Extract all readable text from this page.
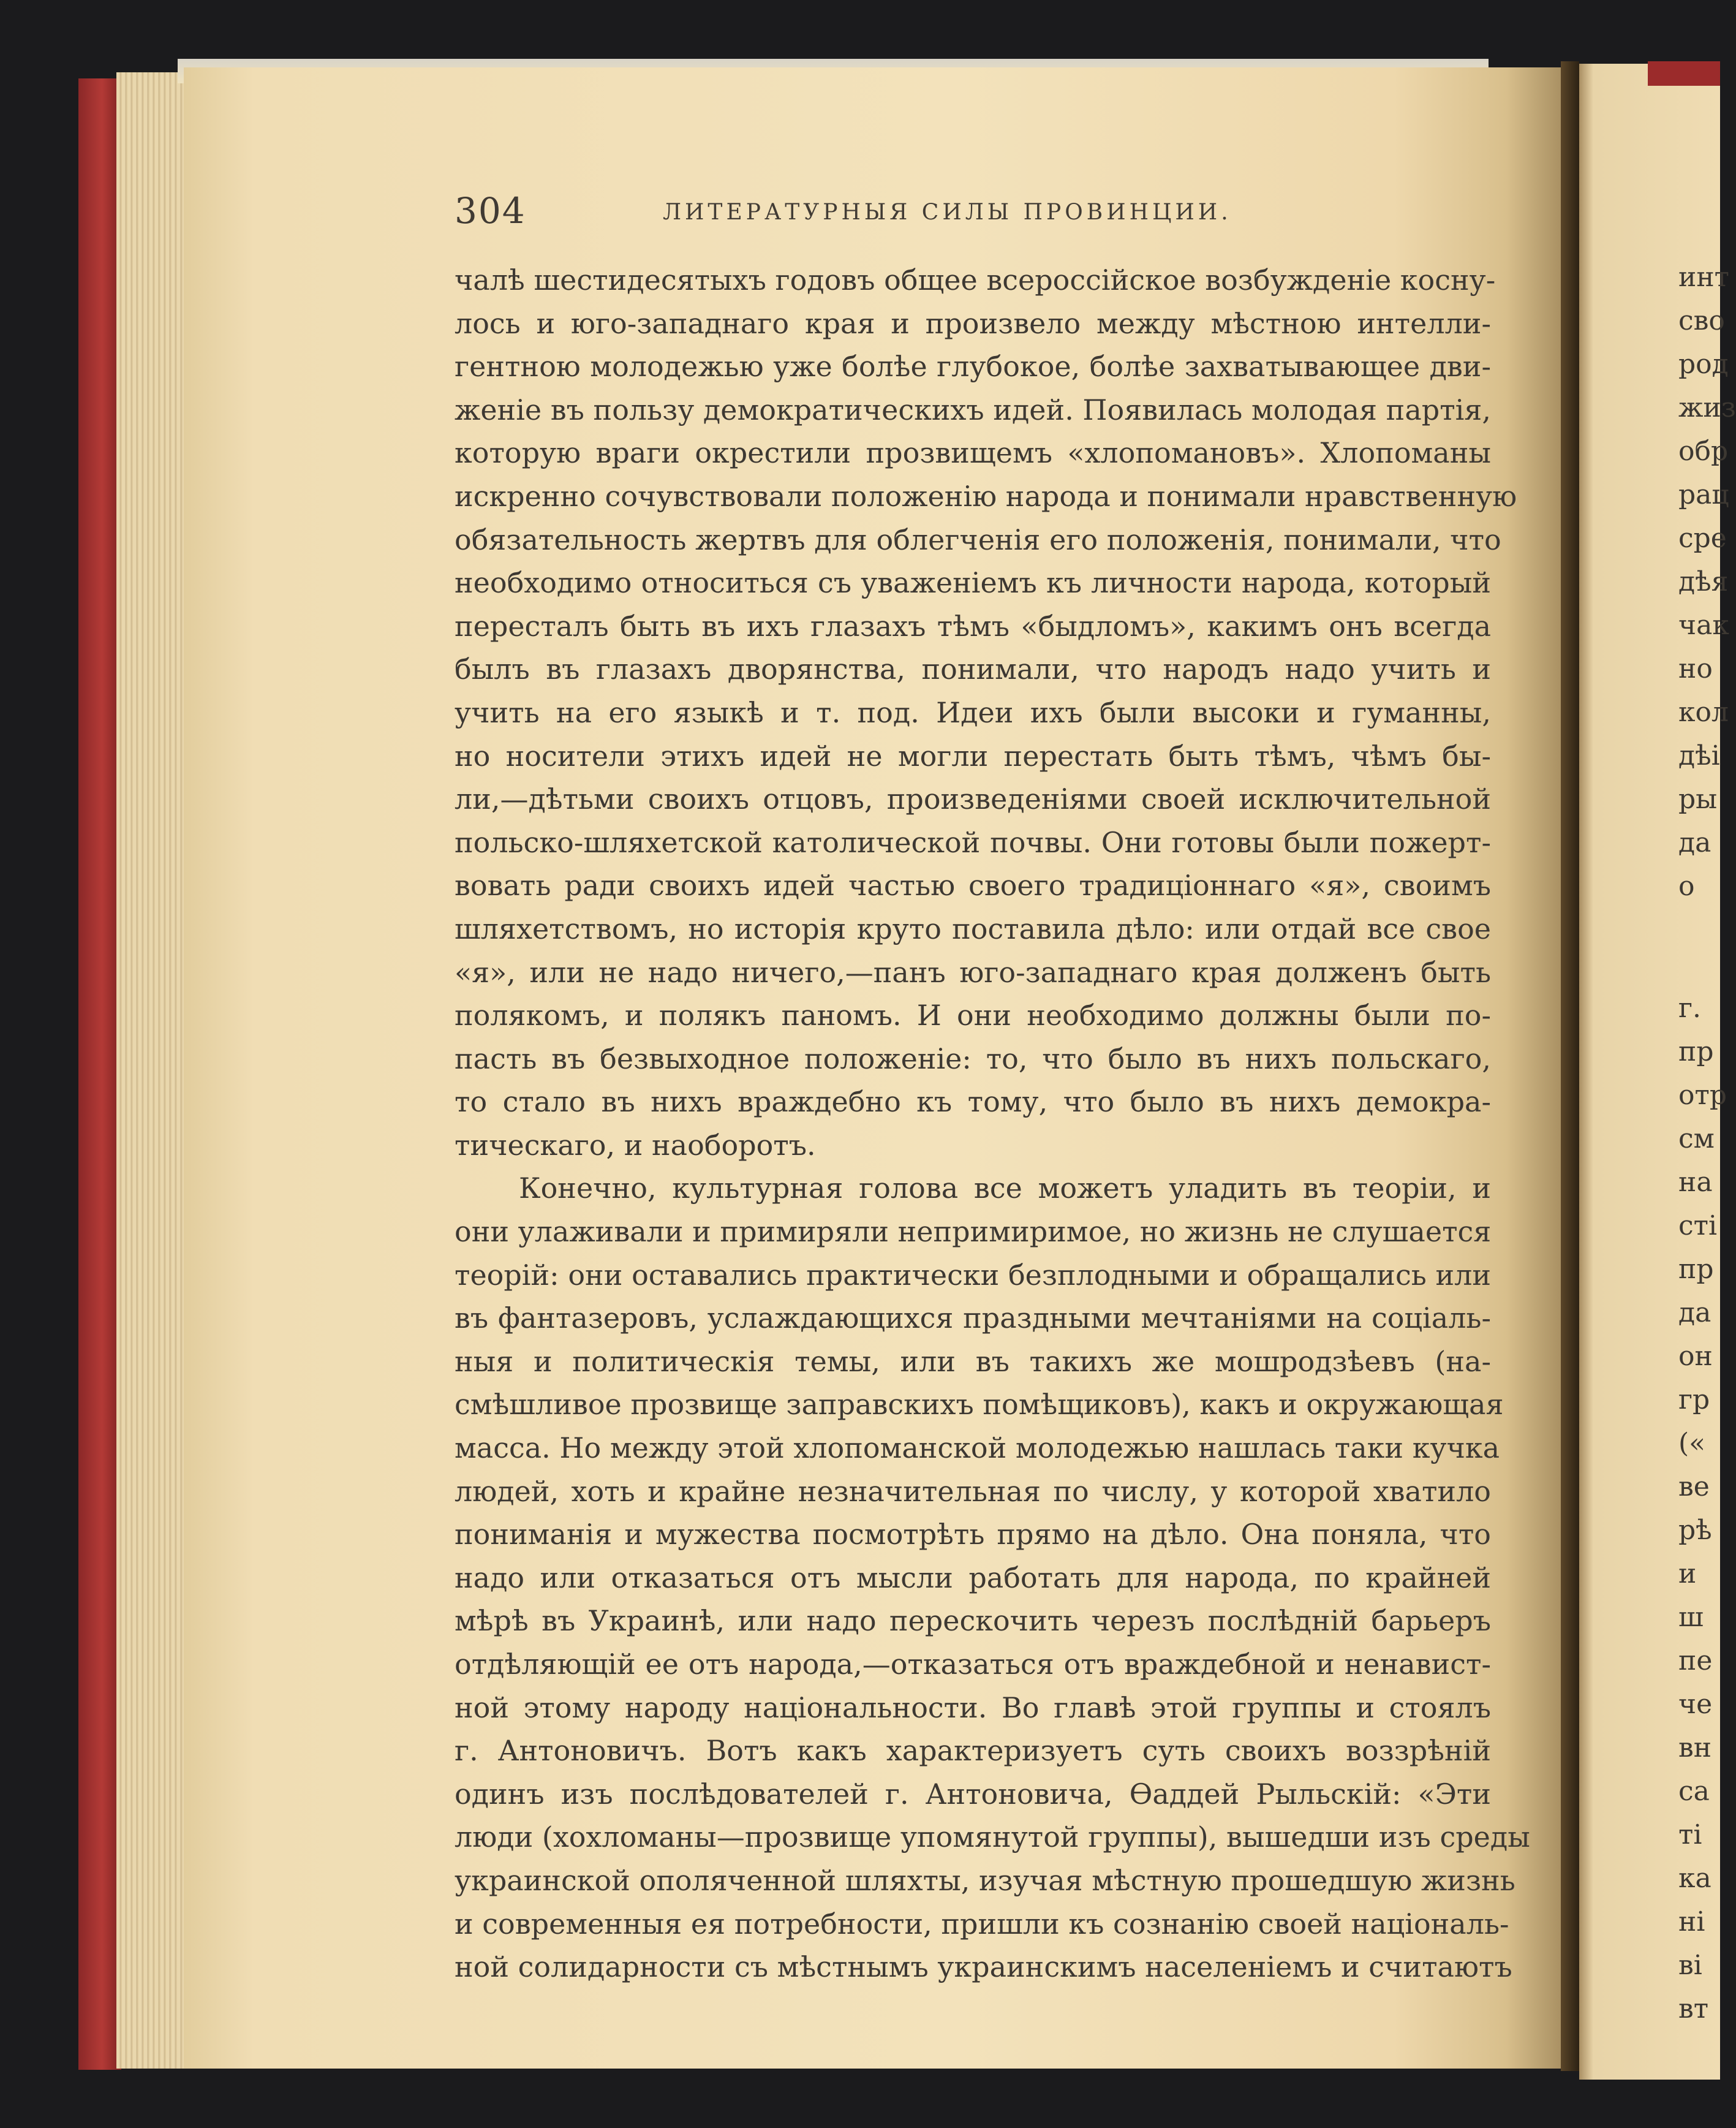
304	ЛИТЕРАТУРНЫЯ СИЛЫ ПРОВИНЦИИ.
чалѣ шестидесятыхъ годовъ общее всероссійское возбужденіе косну-
лось и юго-западнаго края и произвело между мѣстною интелли-
гентною молодежью уже болѣе глубокое, болѣе захватывающее дви-
женіе въ пользу демократическихъ идей. Появилась молодая партія,
которую враги окрестили прозвищемъ «хлопомановъ». Хлопоманы
искренно сочувствовали положенію народа и понимали нравственную
обязательность жертвъ для облегченія его положенія, понимали, что
необходимо относиться съ уваженіемъ къ личности народа, который
пересталъ быть въ ихъ глазахъ тѣмъ «быдломъ», какимъ онъ всегда
былъ въ глазахъ дворянства, понимали, что народъ надо учить и
учить на его языкѣ и т. под. Идеи ихъ были высоки и гуманны,
но носители этихъ идей не могли перестать быть тѣмъ, чѣмъ бы-
ли,—дѣтьми своихъ отцовъ, произведеніями своей исключительной
польско-шляхетской католической почвы. Они готовы были пожерт-
вовать ради своихъ идей частью своего традиціоннаго «я», своимъ
шляхетствомъ, но исторія круто поставила дѣло: или отдай все свое
«я», или не надо ничего,—панъ юго-западнаго края долженъ быть
полякомъ, и полякъ паномъ. И они необходимо должны были по-
пасть въ безвыходное положеніе: то, что было въ нихъ польскаго,
то стало въ нихъ враждебно къ тому, что было въ нихъ демокра-
тическаго, и наоборотъ.
Конечно, культурная голова все можетъ уладить въ теоріи, и
они улаживали и примиряли непримиримое, но жизнь не слушается
теорій: они оставались практически безплодными и обращались или
въ фантазеровъ, услаждающихся праздными мечтаніями на соціаль-
ныя и политическія темы, или въ такихъ же мошродзѣевъ (на-
смѣшливое прозвище заправскихъ помѣщиковъ), какъ и окружающая
масса. Но между этой хлопоманской молодежью нашлась таки кучка
людей, хоть и крайне незначительная по числу, у которой хватило
пониманія и мужества посмотрѣть прямо на дѣло. Она поняла, что
надо или отказаться отъ мысли работать для народа, по крайней
мѣрѣ въ Украинѣ, или надо перескочить черезъ послѣдній барьеръ
отдѣляющій ее отъ народа,—отказаться отъ враждебной и ненавист-
ной этому народу національности. Во главѣ этой группы и стоялъ
г. Антоновичъ. Вотъ какъ характеризуетъ суть своихъ воззрѣній
одинъ изъ послѣдователей г. Антоновича, Ѳаддей Рыльскій: «Эти
люди (хохломаны—прозвище упомянутой группы), вышедши изъ среды
украинской ополяченной шляхты, изучая мѣстную прошедшую жизнь
и современныя ея потребности, пришли къ сознанію своей національ-
ной солидарности съ мѣстнымъ украинскимъ населеніемъ и считаютъ
инт
сво
род
жиз
обр
рац
сре
дѣя
чак
но
кол
дѣі
ры
да
о
г.
пр
отр
см
на
сті
пр
да
он
гр
(«
ве
рѣ
и
ш
пе
че
вн
са
ті
ка
ні
ві
вт
